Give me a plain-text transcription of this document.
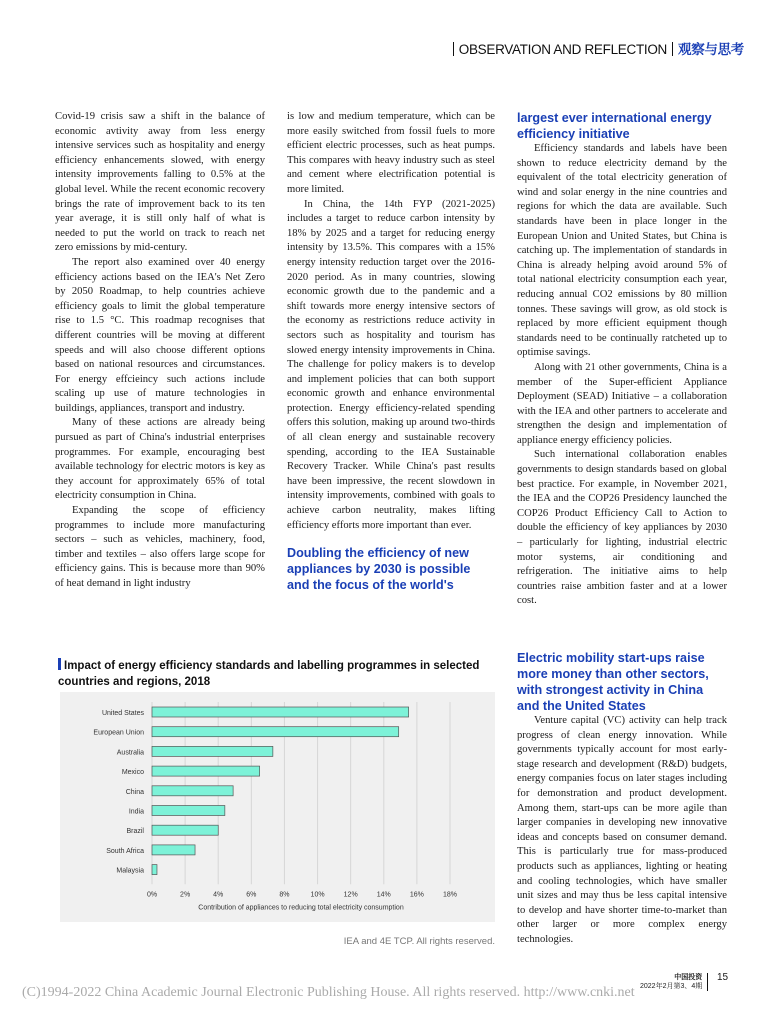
OBSERVATION AND REFLECTION 观察与思考

Covid-19 crisis saw a shift in the balance of economic avtivity away from less energy intensive services such as hospitality and energy efficiency enhancements slowed, with energy intensity improvements falling to 0.5% at the global level. While the recent economic recovery brings the rate of improvement back to its ten year average, it is still only half of what is needed to put the world on track to reach net zero emissions by mid-century.

The report also examined over 40 energy efficiency actions based on the IEA's Net Zero by 2050 Roadmap, to help countries achieve efficiency goals to limit the global temperature rise to 1.5 °C. This roadmap recognises that different countries will be moving at different speeds and will also choose different options based on national resources and circumstances. For energy effcieincy such actions include scaling up use of mature technologies in buildings, appliances, transport and industry.

Many of these actions are already being pursued as part of China's industrial enterprises programmes. For example, encouraging best available technology for electric motors is key as they account for approximately 65% of total electricity consumption in China.

Expanding the scope of efficiency programmes to include more manufacturing sectors – such as vehicles, machinery, food, timber and textiles – also offers large scope for efficiency gains. This is because more than 90% of heat demand in light industry

is low and medium temperature, which can be more easily switched from fossil fuels to more efficient electric processes, such as heat pumps. This compares with heavy industry such as steel and cement where electrification potential is more limited.

In China, the 14th FYP (2021-2025) includes a target to reduce carbon intensity by 18% by 2025 and a target for reducing energy intensity by 13.5%. This compares with a 15% energy intensity reduction target over the 2016-2020 period. As in many countries, slowing economic growth due to the pandemic and a shift towards more energy intensive sectors of the economy as restrictions reduce activity in sectors such as hospitality and tourism has slowed energy intensity improvements in China. The challenge for policy makers is to develop and implement policies that can both support economic growth and enhance environmental protection. Energy efficiency-related spending offers this solution, making up around two-thirds of all clean energy and sustainable recovery spending, according to the IEA Sustainable Recovery Tracker. While China's past results have been impressive, the recent slowdown in intensity improvements, combined with goals to achieve carbon neutrality, makes lifting efficiency efforts more important than ever.

Doubling the efficiency of new appliances by 2030 is possible and the focus of the world's
largest ever international energy efficiency initiative

Efficiency standards and labels have been shown to reduce electricity demand by the equivalent of the total electricity generation of wind and solar energy in the nine countries and regions for which the data are available. Such standards have been in place longer in the European Union and United States, but China is catching up. The implementation of standards in China is already helping avoid around 5% of total national electricity consumption each year, reducing annual CO2 emissions by 80 million tonnes. These savings will grow, as old stock is replaced by more efficient equipment though standards need to be continually ratcheted up to optimise savings.

Along with 21 other governments, China is a member of the Super-efficient Appliance Deployment (SEAD) Initiative – a collaboration with the IEA and other partners to accelerate and strengthen the design and implementation of appliance energy efficiency policies.

Such international collaboration enables governments to design standards based on global best practice. For example, in November 2021, the IEA and the COP26 Presidency launched the COP26 Product Efficiency Call to Action to double the efficiency of key appliances by 2030 – particularly for lighting, industrial electric motor systems, air conditioning and refrigeration. The initiative aims to help countries raise ambition faster and at a lower cost.

Electric mobility start-ups raise more money than other sectors, with strongest activity in China and the United States

Venture capital (VC) activity can help track progress of clean energy innovation. While governments typically account for most early-stage research and development (R&D) budgets, energy companies focus on later stages including for demonstration and product development. Among them, start-ups can be more agile than larger companies in developing new innovative ideas and concepts based on consumer demand. This is particularly true for mass-produced products such as appliances, lighting or heating and cooling technologies, which have smaller unit sizes and may thus be less capital intensive to develop and have shorter time-to-market than other larger or more complex energy technologies.

Impact of energy efficiency standards and labelling programmes in selected countries and regions, 2018
0%	2%	4%	6%	8%	10%	12%	14%	16%	18%
United States
European Union
Australia
Mexico
China
India
Brazil
South Africa
Malaysia
Contribution of appliances to reducing total electricity consumption
IEA and 4E TCP. All rights reserved.
(C)1994-2022 China Academic Journal Electronic Publishing House. All rights reserved. http://www.cnki.net
中国投资
2022年2月第3、4期
15
